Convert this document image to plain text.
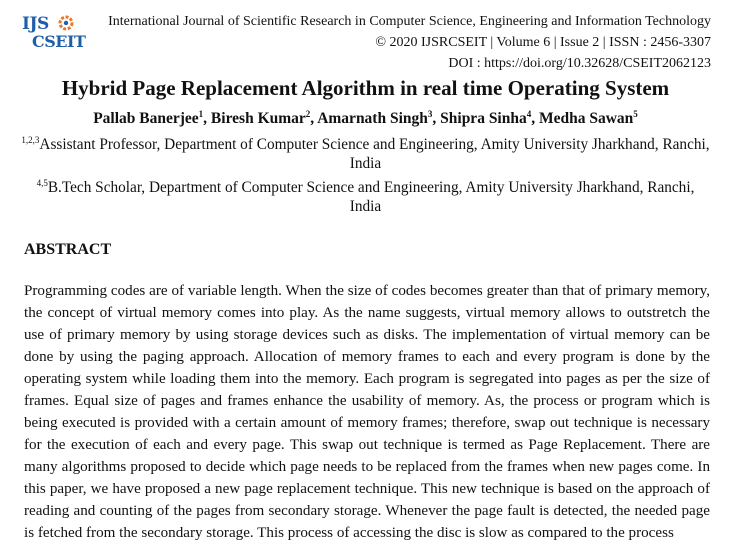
IJS
CSEIT
International Journal of Scientific Research in Computer Science, Engineering and Information Technology
© 2020 IJSRCSEIT | Volume 6 | Issue 2 | ISSN : 2456-3307
DOI : https://doi.org/10.32628/CSEIT2062123
Hybrid Page Replacement Algorithm in real time Operating System
Pallab Banerjee$^1$, Biresh Kumar$^2$, Amarnath Singh$^3$, Shipra Sinha$^4$, Medha Sawan$^5$
$^{1,2,3}$Assistant Professor, Department of Computer Science and Engineering, Amity University Jharkhand, Ranchi, India
$^{4,5}$B.Tech Scholar, Department of Computer Science and Engineering, Amity University Jharkhand, Ranchi, India
ABSTRACT
Programming codes are of variable length. When the size of codes becomes greater than that of primary memory, the concept of virtual memory comes into play. As the name suggests, virtual memory allows to outstretch the use of primary memory by using storage devices such as disks. The implementation of virtual memory can be done by using the paging approach. Allocation of memory frames to each and every program is done by the operating system while loading them into the memory. Each program is segregated into pages as per the size of frames. Equal size of pages and frames enhance the usability of memory. As, the process or program which is being executed is provided with a certain amount of memory frames; therefore, swap out technique is necessary for the execution of each and every page. This swap out technique is termed as Page Replacement. There are many algorithms proposed to decide which page needs to be replaced from the frames when new pages come. In this paper, we have proposed a new page replacement technique. This new technique is based on the approach of reading and counting of the pages from secondary storage. Whenever the page fault is detected, the needed page is fetched from the secondary storage. This process of accessing the disc is slow as compared to the process
